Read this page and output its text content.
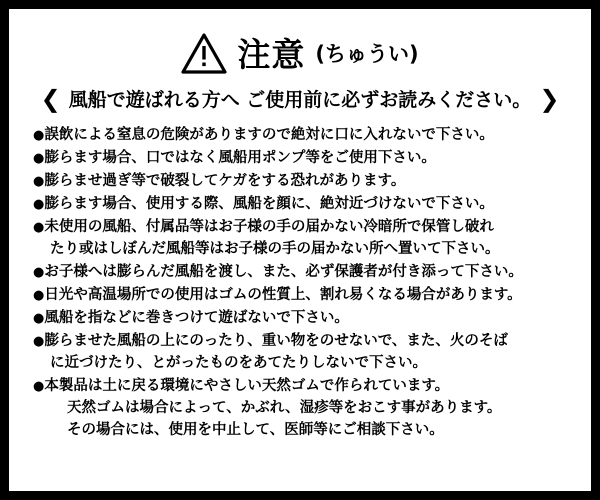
注意 (ちゅうい)
❮ 風船で遊ばれる方へ ご使用前に必ずお読みください。 ❯
●誤飲による窒息の危険がありますので絶対に口に入れないで下さい。
●膨らます場合、口ではなく風船用ポンプ等をご使用下さい。
●膨らませ過ぎ等で破裂してケガをする恐れがあります。
●膨らます場合、使用する際、風船を顔に、絶対近づけないで下さい。
●未使用の風船、付属品等はお子様の手の届かない冷暗所で保管し破れ
たり或はしぼんだ風船等はお子様の手の届かない所へ置いて下さい。
●お子様へは膨らんだ風船を渡し、また、必ず保護者が付き添って下さい。
●日光や高温場所での使用はゴムの性質上、割れ易くなる場合があります。
●風船を指などに巻きつけて遊ばないで下さい。
●膨らませた風船の上にのったり、重い物をのせないで、また、火のそば
に近づけたり、とがったものをあてたりしないで下さい。
●本製品は土に戻る環境にやさしい天然ゴムで作られています。
天然ゴムは場合によって、かぶれ、湿疹等をおこす事があります。
その場合には、使用を中止して、医師等にご相談下さい。
